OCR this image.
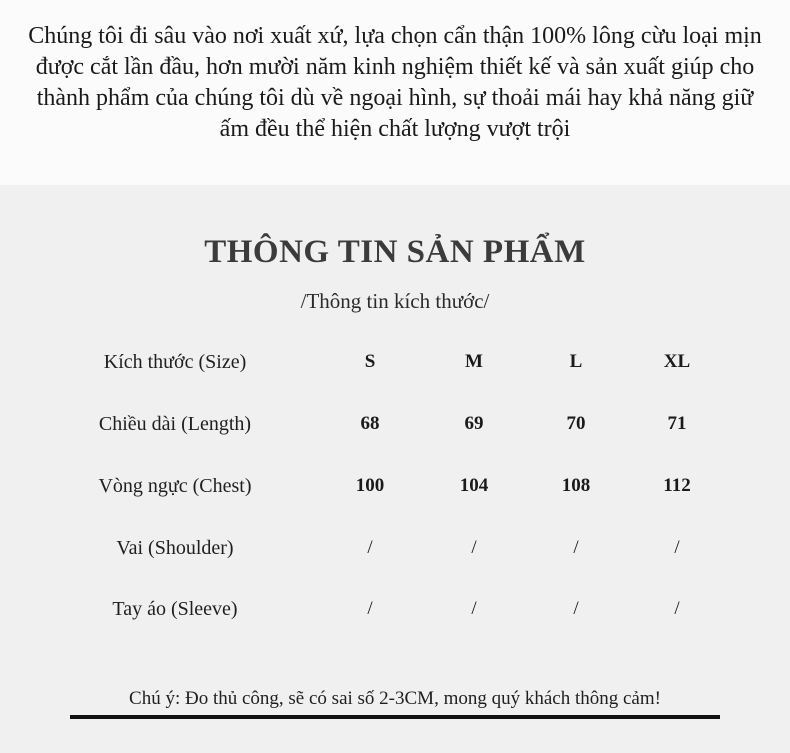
Chúng tôi đi sâu vào nơi xuất xứ, lựa chọn cẩn thận 100% lông cừu loại mịn được cắt lần đầu, hơn mười năm kinh nghiệm thiết kế và sản xuất giúp cho thành phẩm của chúng tôi dù về ngoại hình, sự thoải mái hay khả năng giữ ấm đều thể hiện chất lượng vượt trội
THÔNG TIN SẢN PHẨM
/Thông tin kích thước/
Kích thước (Size)	S	M	L	XL
Chiều dài (Length)	68	69	70	71
Vòng ngực (Chest)	100	104	108	112
Vai (Shoulder)	/	/	/	/
Tay áo (Sleeve)	/	/	/	/
Chú ý: Đo thủ công, sẽ có sai số 2-3CM, mong quý khách thông cảm!
